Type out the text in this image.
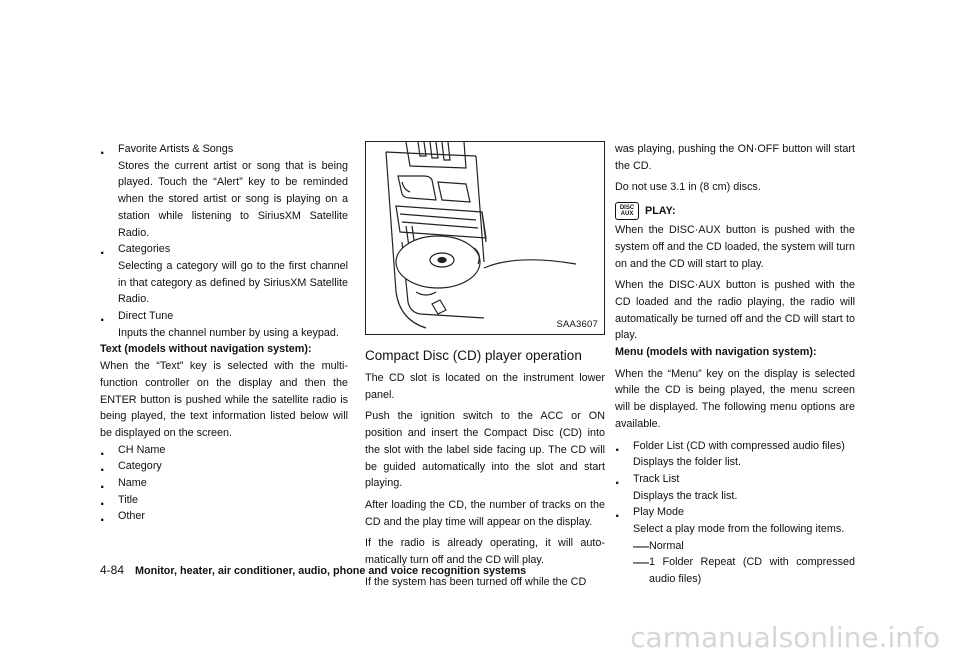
. Favorite Artists & Songs

Stores the current artist or song that is being played. Touch the “Alert” key to be reminded when the stored artist or song is playing on a station while listening to SiriusXM Satellite Radio.

. Categories

Selecting a category will go to the first channel in that category as defined by SiriusXM Satellite Radio.

. Direct Tune

Inputs the channel number by using a keypad.

Text (models without navigation system):

When the “Text” key is selected with the multi-function controller on the display and then the ENTER button is pushed while the satellite radio is being played, the text information listed below will be displayed on the screen.

. CH Name

. Category

. Name

. Title

. Other

SAA3607

Compact Disc (CD) player operation

The CD slot is located on the instrument lower panel.

Push the ignition switch to the ACC or ON position and insert the Compact Disc (CD) into the slot with the label side facing up. The CD will be guided automatically into the slot and start playing.

After loading the CD, the number of tracks on the CD and the play time will appear on the display.

If the radio is already operating, it will auto-matically turn off and the CD will play.

If the system has been turned off while the CD

was playing, pushing the ON·OFF button will start the CD.

Do not use 3.1 in (8 cm) discs.

DISC
AUX PLAY:

When the DISC·AUX button is pushed with the system off and the CD loaded, the system will turn on and the CD will start to play.

When the DISC·AUX button is pushed with the CD loaded and the radio playing, the radio will automatically be turned off and the CD will start to play.

Menu (models with navigation system):

When the “Menu” key on the display is selected while the CD is being played, the menu screen will be displayed. The following menu options are available.

. Folder List (CD with compressed audio files)

Displays the folder list.

. Track List

Displays the track list.

. Play Mode

Select a play mode from the following items.

— Normal

— 1 Folder Repeat (CD with compressed audio files)

4-84 Monitor, heater, air conditioner, audio, phone and voice recognition systems
carmanualsonline.info
